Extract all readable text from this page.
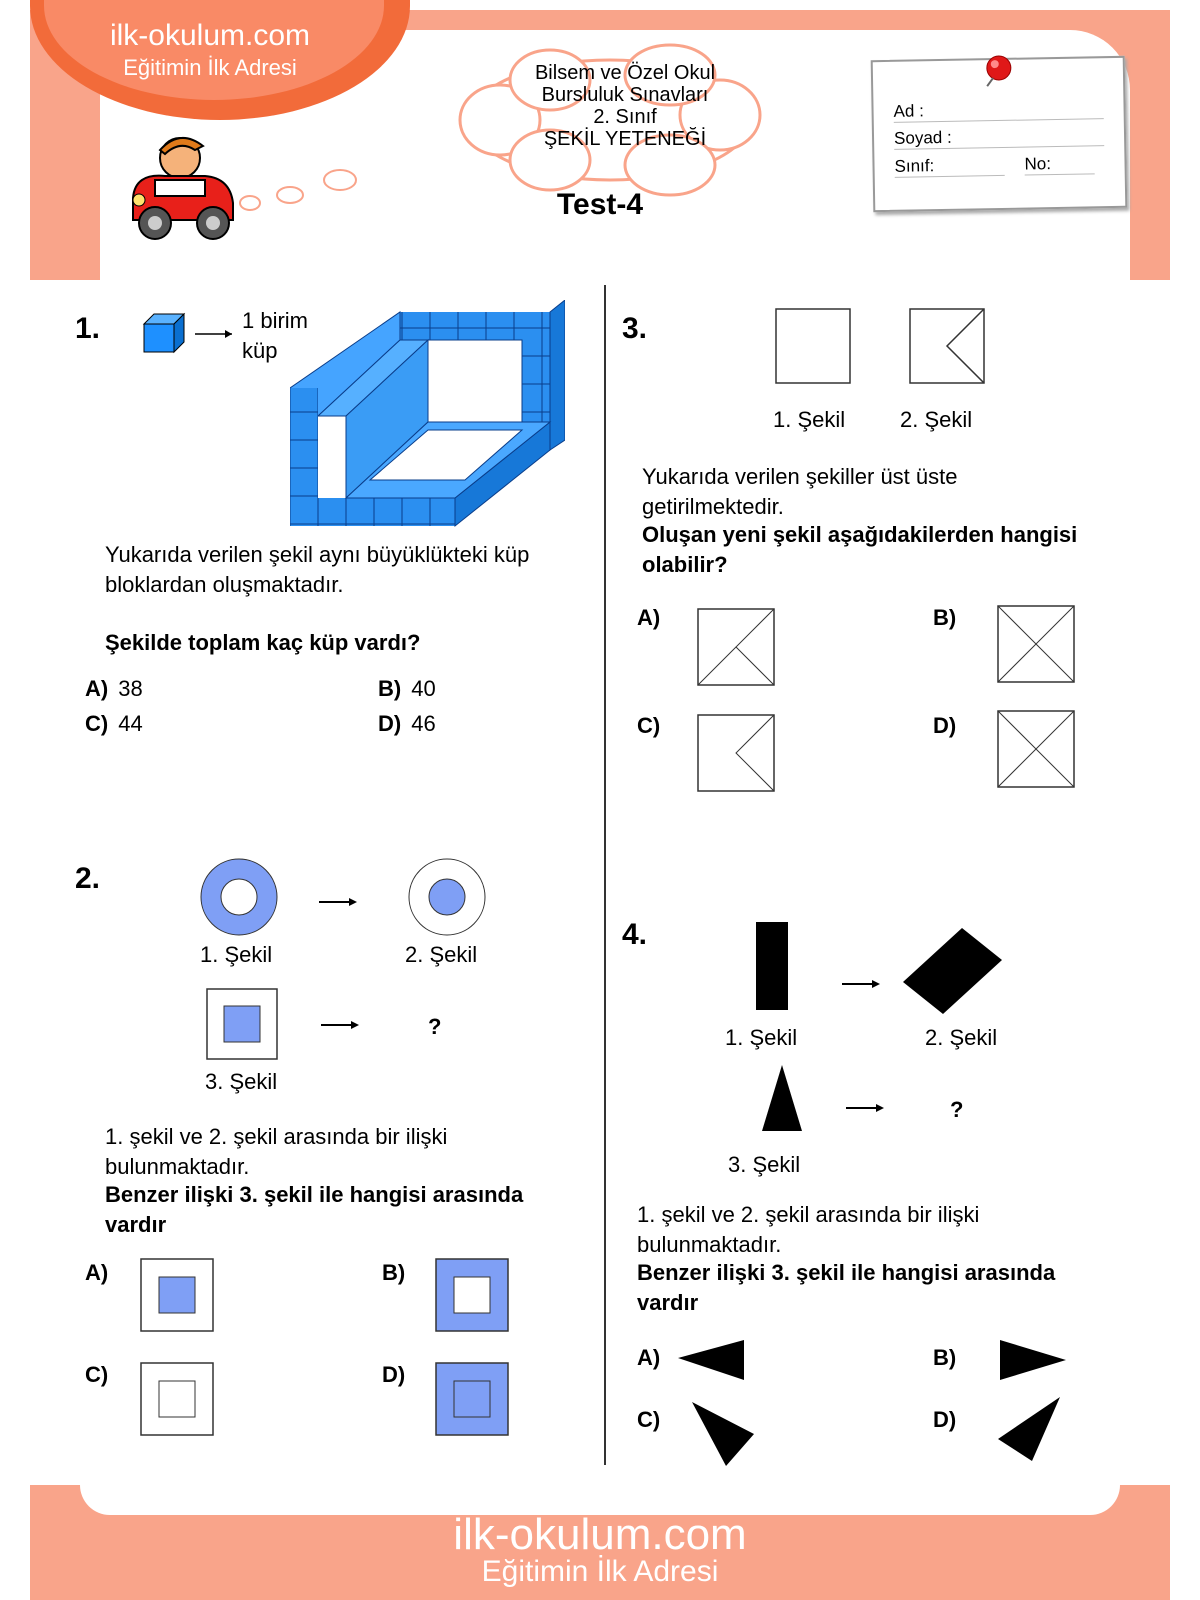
ilk-okulum.com
Eğitimin İlk Adresi	Bilsem ve Özel Okul
Bursluluk Sınavları
2. Sınıf
ŞEKİL YETENEĞİ
Test-4
Ad :
Soyad :
Sınıf:	No:
1.	1 birim
küp
Yukarıda verilen şekil aynı büyüklükteki küp bloklardan oluşmaktadır.
Şekilde toplam kaç küp vardı?
A) 38	B) 40
C) 44	D) 46
2.
1. Şekil	2. Şekil
?
3. Şekil
1. şekil ve 2. şekil arasında bir ilişki bulunmaktadır.
Benzer ilişki 3. şekil ile hangisi arasında vardır
A)	B)
C)	D)
3.
1. Şekil 2. Şekil
Yukarıda verilen şekiller üst üste getirilmektedir.
Oluşan yeni şekil aşağıdakilerden hangisi olabilir?
A)	B)
C)	D)
4.
1. Şekil	2. Şekil
?
3. Şekil
1. şekil ve 2. şekil arasında bir ilişki bulunmaktadır.
Benzer ilişki 3. şekil ile hangisi arasında vardır
A)	B)
C)	D)
ilk-okulum.com
Eğitimin İlk Adresi
